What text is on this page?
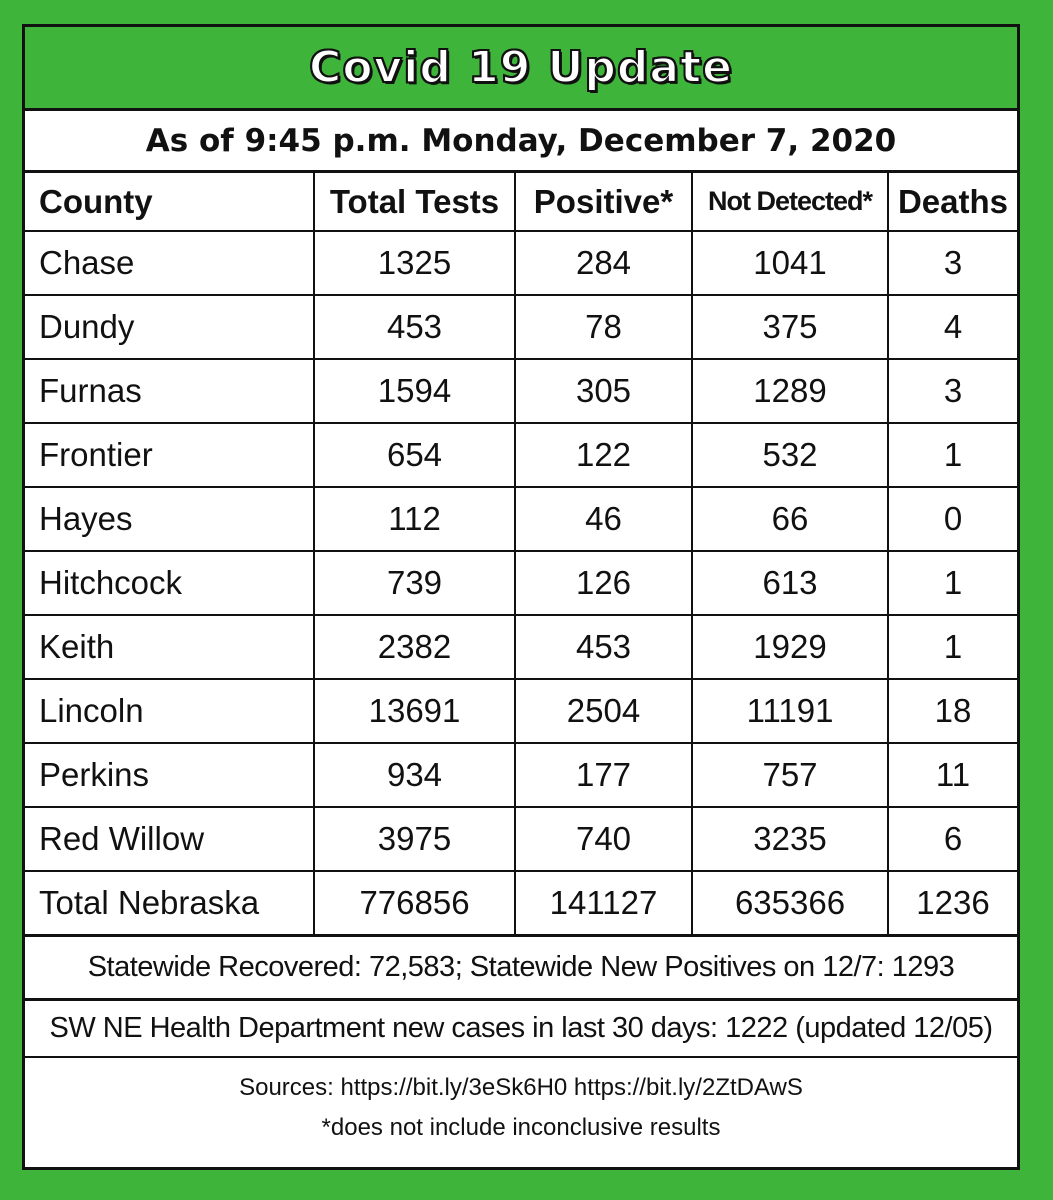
Covid 19 Update
As of 9:45 p.m. Monday, December 7, 2020
County	Total Tests	Positive*	Not Detected*	Deaths
Chase	1325	284	1041	3
Dundy	453	78	375	4
Furnas	1594	305	1289	3
Frontier	654	122	532	1
Hayes	112	46	66	0
Hitchcock	739	126	613	1
Keith	2382	453	1929	1
Lincoln	13691	2504	11191	18
Perkins	934	177	757	11
Red Willow	3975	740	3235	6
Total Nebraska	776856	141127	635366	1236
Statewide Recovered: 72,583; Statewide New Positives on 12/7: 1293
SW NE Health Department new cases in last 30 days: 1222 (updated 12/05)
Sources: https://bit.ly/3eSk6H0 https://bit.ly/2ZtDAwS
*does not include inconclusive results
